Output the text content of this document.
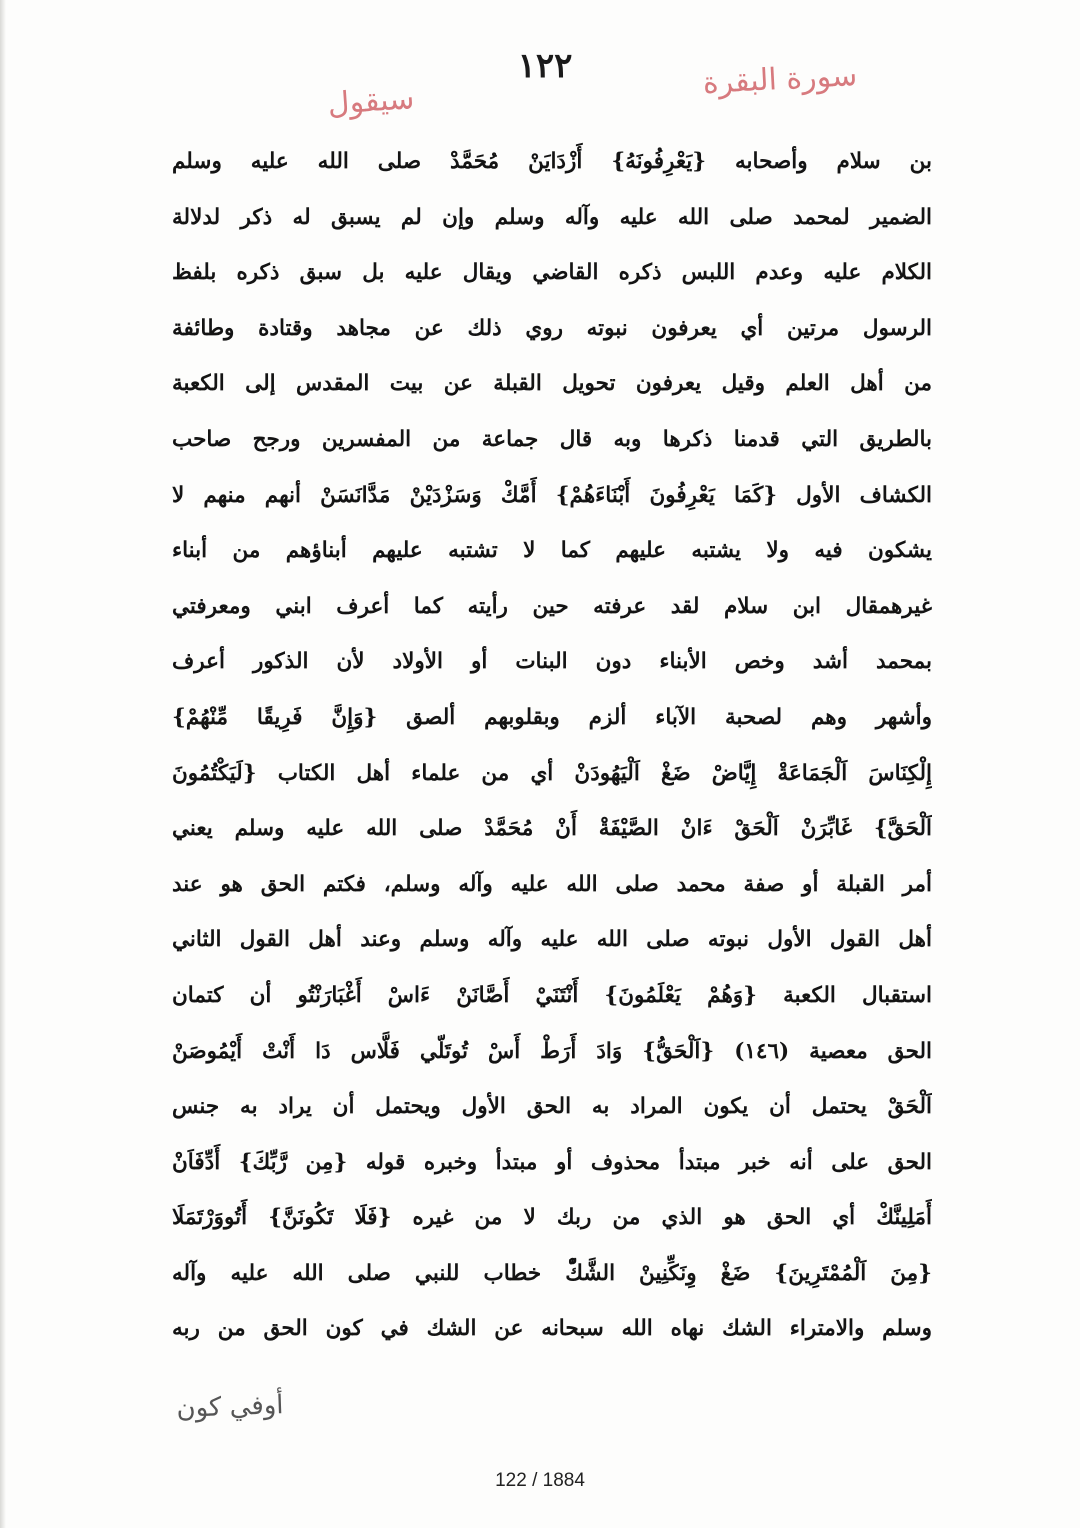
سورة البقرة
١٢٢
سيقول
بن سلام وأصحابه {يَعْرِفُونَهُ} أَزْدَايَنْ مُحَمَّدْ صلى الله عليه وسلم
الضمير لمحمد صلى الله عليه وآله وسلم وإن لم يسبق له ذكر لدلالة
الكلام عليه وعدم اللبس ذكره القاضي ويقال عليه بل سبق ذكره بلفظ
الرسول مرتين أي يعرفون نبوته روي ذلك عن مجاهد وقتادة وطائفة
من أهل العلم وقيل يعرفون تحويل القبلة عن بيت المقدس إلى الكعبة
بالطريق التي قدمنا ذكرها وبه قال جماعة من المفسرين ورجح صاحب
الكشاف الأول {كَمَا يَعْرِفُونَ أَبْنَاءَهُمْ} أَمَّكْ وَسَزْدَيْنْ مَدَّانَسَنْ أنهم منهم لا
يشكون فيه ولا يشتبه عليهم كما لا تشتبه عليهم أبناؤهم من أبناء
غيرهمقال ابن سلام لقد عرفته حين رأيته كما أعرف ابني ومعرفتي
بمحمد أشد وخص الأبناء دون البنات أو الأولاد لأن الذكور أعرف
وأشهر وهم لصحبة الآباء ألزم وبقلوبهم ألصق {وَإِنَّ فَرِيقًا مِّنْهُمْ}
إِلْكِنَاسَ اَلْجَمَاعَةْ إِيَّاضْ ضَغْ اَلْيَهُودَنْ أي من علماء أهل الكتاب {لَيَكْتُمُونَ
اَلْحَقَّ} غَابِّرَنْ اَلْحَقْ ءَانْ الصَّيْفَةْ أَنْ مُحَمَّدْ صلى الله عليه وسلم يعني
أمر القبلة أو صفة محمد صلى الله عليه وآله وسلم، فكتم الحق هو عند
أهل القول الأول نبوته صلى الله عليه وآله وسلم وعند أهل القول الثاني
استقبال الكعبة {وَهُمْ يَعْلَمُونَ} أَنْتَنَيْ أَصَّانَنْ ءَاسْ أَغْبَارَنْتُو أن كتمان
الحق معصية (١٤٦) {اَلْحَقُّ} وَادَ أَرَطْ أَسْ تُوتَلّي فَلَّاس دَا أَنْتْ أَيْمُوصَنْ
اَلْحَقْ يحتمل أن يكون المراد به الحق الأول ويحتمل أن يراد به جنس
الحق على أنه خبر مبتدأ محذوف أو مبتدأ وخبره قوله {مِن رَّبِّكَ} أَدِّفَاَنْ
أَمَلِينَّكْ أي الحق هو الذي من ربك لا من غيره {فَلَا تَكُونَنَّ} أَتُووَرْتَمَلَا
{مِنَ اَلْمُمْتَرِينَ} ضَغْ وِنَكِّنِينْ الشَّكّْ خطاب للنبي صلى الله عليه وآله
وسلم والامتراء الشك نهاه الله سبحانه عن الشك في كون الحق من ربه
أوفي كون
122 / 1884
